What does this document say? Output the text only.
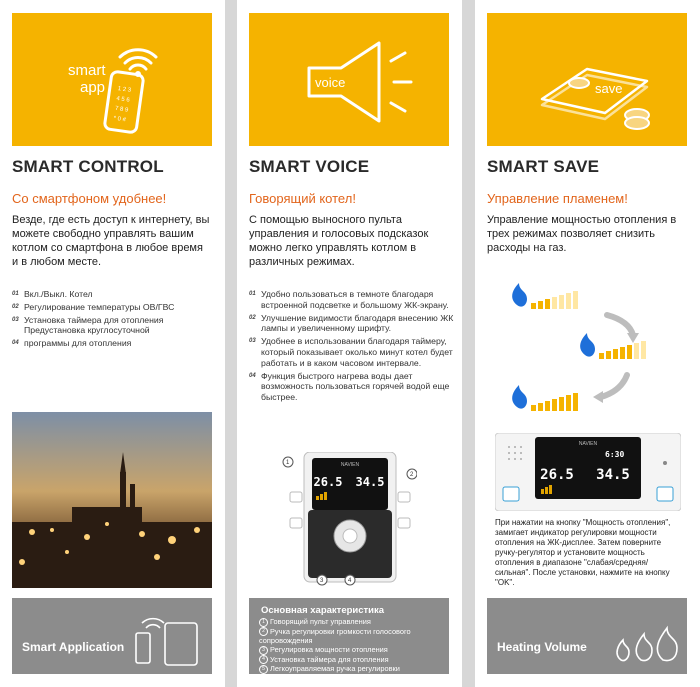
smart
app 1 2 3
4 5 6
7 8 9
* 0 #
SMART CONTROL
Со смартфоном удобнее!
Везде, где есть доступ к интернету, вы можете свободно управлять вашим котлом со смартфона в любое время и в любом месте.
01 Вкл./Выкл. Котел
02 Регулирование температуры ОВ/ГВС
03 Установка таймера для отопления Предустановка круглосуточной
04 программы для отопления
Smart Application
voice
SMART VOICE
Говорящий котел!
С помощью выносного пульта управления и голосовых подсказок можно легко управлять котлом в различных режимах.
01 Удобно пользоваться в темноте благодаря встроенной подсветке и большому ЖК-экрану.
02 Улучшение видимости благодаря внесению ЖК лампы и увеличенному шрифту.
03 Удобнее в использовании благодаря таймеру, который показывает околько минут котел будет работать и в каком часовом интервале.
04 Функция быстрого нагрева воды дает возможность пользоваться горячей водой еще быстрее.
NAVIEN
26.5 34.5
1
2
3	4
Основная характеристика
1 Говорящий пульт управления
2 Ручка регулировки громкости голосового сопровождения
3 Регулировка мощности отопления
4 Установка таймера для отопления
5 Легкоуправляемая ручка регулировки
save
SMART SAVE
Управление пламенем!
Управление мощностью отопления в трех режимах позволяет снизить расходы на газ.
NAVIEN
6:30
26.5 34.5
При нажатии на кнопку "Мощность отопления", замигает индикатор регулировки мощности отопления на ЖК-дисплее. Затем поверните ручку-регулятор и установите мощность отопления в диапазоне "слабая/средняя/ сильная". После установки, нажмите на кнопку "OK".
Heating Volume
